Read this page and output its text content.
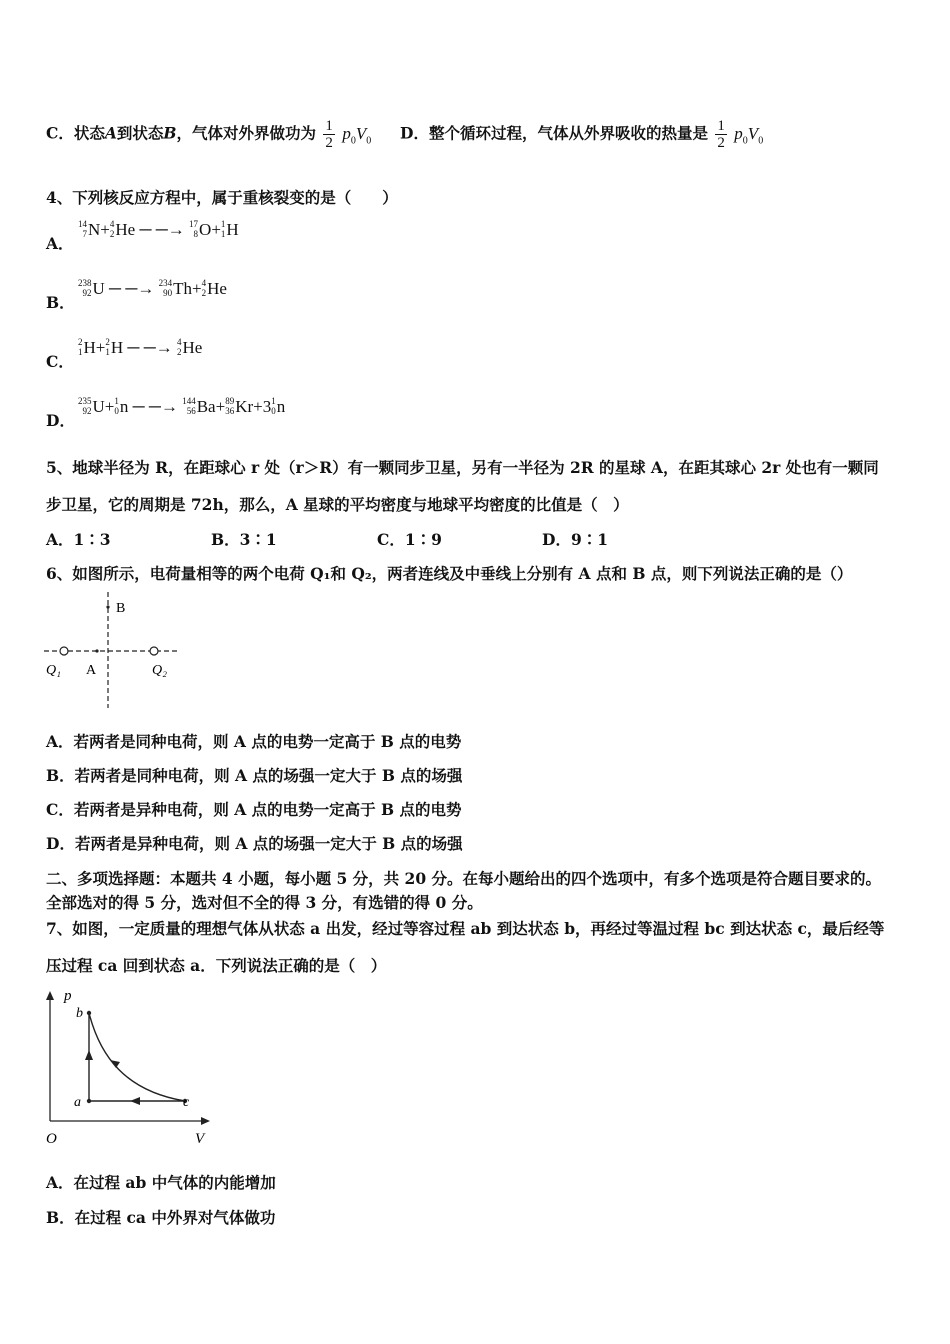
C．状态A到状态B，气体对外界做功为 $\frac{1}{2} p_0V_0$ D．整个循环过程，气体从外界吸收的热量是 $\frac{1}{2} p_0V_0$
4、下列核反应方程中，属于重核裂变的是（　　）
A．
14
7 N+ 4
2 He ─ ─→ 17
8 O+ 1
1 H
B．
238
92 U ─ ─→ 234
90 Th+ 4
2 He
C．
2
1 H+ 2
1 H ─ ─→ 4
2 He
D．
235
92 U+ 1
0 n ─ ─→ 144
56 Ba+ 89
36 Kr+3 1
0 n
5、地球半径为 R，在距球心 r 处（r＞R）有一颗同步卫星，另有一半径为 2R 的星球 A，在距其球心 2r 处也有一颗同
步卫星，它的周期是 72h，那么，A 星球的平均密度与地球平均密度的比值是（　）
A．1∶3	B．3∶1	C．1∶9	D．9∶1
6、如图所示，电荷量相等的两个电荷 Q₁和 Q₂，两者连线及中垂线上分别有 A 点和 B 点，则下列说法正确的是（）
B
A
Q₁	Q₂
A．若两者是同种电荷，则 A 点的电势一定高于 B 点的电势
B．若两者是同种电荷，则 A 点的场强一定大于 B 点的场强
C．若两者是异种电荷，则 A 点的电势一定高于 B 点的电势
D．若两者是异种电荷，则 A 点的场强一定大于 B 点的场强
二、多项选择题：本题共 4 小题，每小题 5 分，共 20 分。在每小题给出的四个选项中，有多个选项是符合题目要求的。
全部选对的得 5 分，选对但不全的得 3 分，有选错的得 0 分。
7、如图，一定质量的理想气体从状态 a 出发，经过等容过程 ab 到达状态 b，再经过等温过程 bc 到达状态 c，最后经等
压过程 ca 回到状态 a．下列说法正确的是（　）
p
V
O
b
a	c
A．在过程 ab 中气体的内能增加
B．在过程 ca 中外界对气体做功
